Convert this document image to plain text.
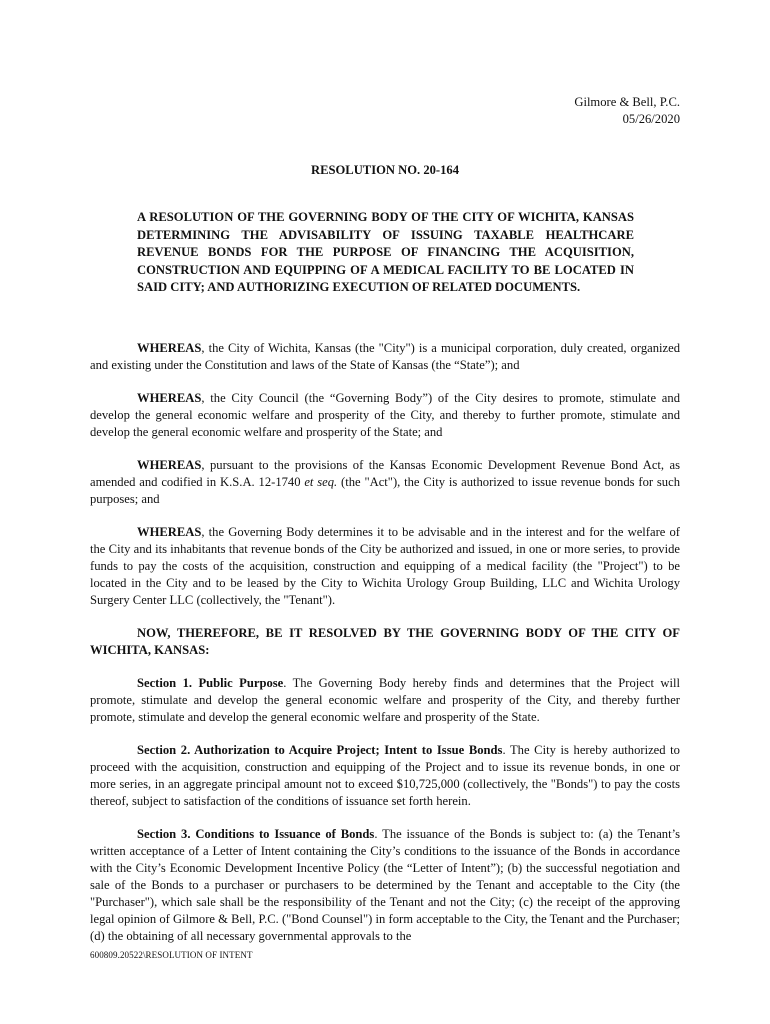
Gilmore & Bell, P.C.
05/26/2020
RESOLUTION NO. 20-164
A RESOLUTION OF THE GOVERNING BODY OF THE CITY OF WICHITA, KANSAS DETERMINING THE ADVISABILITY OF ISSUING TAXABLE HEALTHCARE REVENUE BONDS FOR THE PURPOSE OF FINANCING THE ACQUISITION, CONSTRUCTION AND EQUIPPING OF A MEDICAL FACILITY TO BE LOCATED IN SAID CITY; AND AUTHORIZING EXECUTION OF RELATED DOCUMENTS.

WHEREAS, the City of Wichita, Kansas (the "City") is a municipal corporation, duly created, organized and existing under the Constitution and laws of the State of Kansas (the “State”); and

WHEREAS, the City Council (the “Governing Body”) of the City desires to promote, stimulate and develop the general economic welfare and prosperity of the City, and thereby to further promote, stimulate and develop the general economic welfare and prosperity of the State; and

WHEREAS, pursuant to the provisions of the Kansas Economic Development Revenue Bond Act, as amended and codified in K.S.A. 12-1740 et seq. (the "Act"), the City is authorized to issue revenue bonds for such purposes; and

WHEREAS, the Governing Body determines it to be advisable and in the interest and for the welfare of the City and its inhabitants that revenue bonds of the City be authorized and issued, in one or more series, to provide funds to pay the costs of the acquisition, construction and equipping of a medical facility (the "Project") to be located in the City and to be leased by the City to Wichita Urology Group Building, LLC and Wichita Urology Surgery Center LLC (collectively, the "Tenant").

NOW, THEREFORE, BE IT RESOLVED BY THE GOVERNING BODY OF THE CITY OF WICHITA, KANSAS:

Section 1. Public Purpose. The Governing Body hereby finds and determines that the Project will promote, stimulate and develop the general economic welfare and prosperity of the City, and thereby further promote, stimulate and develop the general economic welfare and prosperity of the State.

Section 2. Authorization to Acquire Project; Intent to Issue Bonds. The City is hereby authorized to proceed with the acquisition, construction and equipping of the Project and to issue its revenue bonds, in one or more series, in an aggregate principal amount not to exceed $10,725,000 (collectively, the "Bonds") to pay the costs thereof, subject to satisfaction of the conditions of issuance set forth herein.

Section 3. Conditions to Issuance of Bonds. The issuance of the Bonds is subject to: (a) the Tenant’s written acceptance of a Letter of Intent containing the City’s conditions to the issuance of the Bonds in accordance with the City’s Economic Development Incentive Policy (the “Letter of Intent”); (b) the successful negotiation and sale of the Bonds to a purchaser or purchasers to be determined by the Tenant and acceptable to the City (the "Purchaser"), which sale shall be the responsibility of the Tenant and not the City; (c) the receipt of the approving legal opinion of Gilmore & Bell, P.C. ("Bond Counsel") in form acceptable to the City, the Tenant and the Purchaser; (d) the obtaining of all necessary governmental approvals to the

600809.20522\RESOLUTION OF INTENT
